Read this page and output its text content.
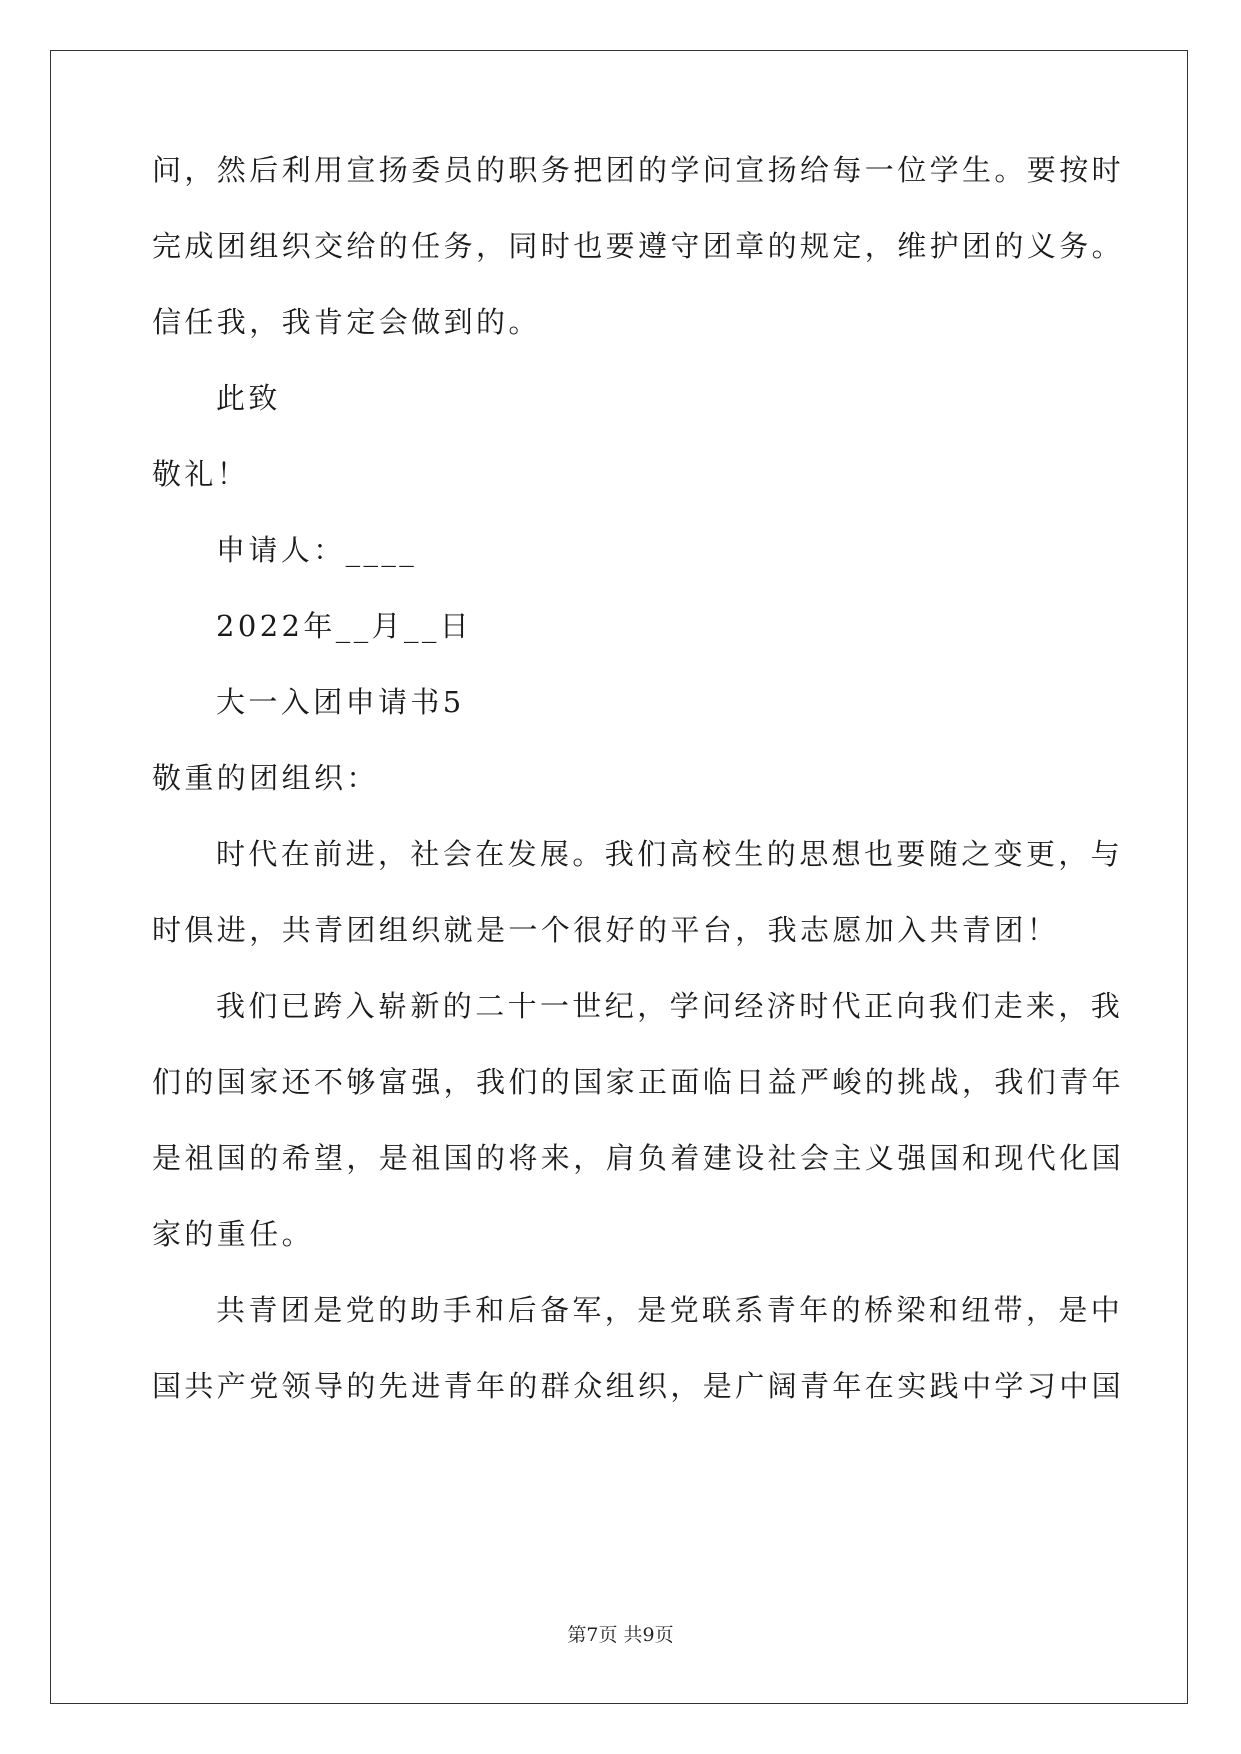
问，然后利用宣扬委员的职务把团的学问宣扬给每一位学生。要按时
完成团组织交给的任务，同时也要遵守团章的规定，维护团的义务。
信任我，我肯定会做到的。
此致
敬礼！
申请人：____
2022年__月__日
大一入团申请书5
敬重的团组织：
时代在前进，社会在发展。我们高校生的思想也要随之变更，与
时俱进，共青团组织就是一个很好的平台，我志愿加入共青团！
我们已跨入崭新的二十一世纪，学问经济时代正向我们走来，我
们的国家还不够富强，我们的国家正面临日益严峻的挑战，我们青年
是祖国的希望，是祖国的将来，肩负着建设社会主义强国和现代化国
家的重任。
共青团是党的助手和后备军，是党联系青年的桥梁和纽带，是中
国共产党领导的先进青年的群众组织，是广阔青年在实践中学习中国
第7页 共9页
